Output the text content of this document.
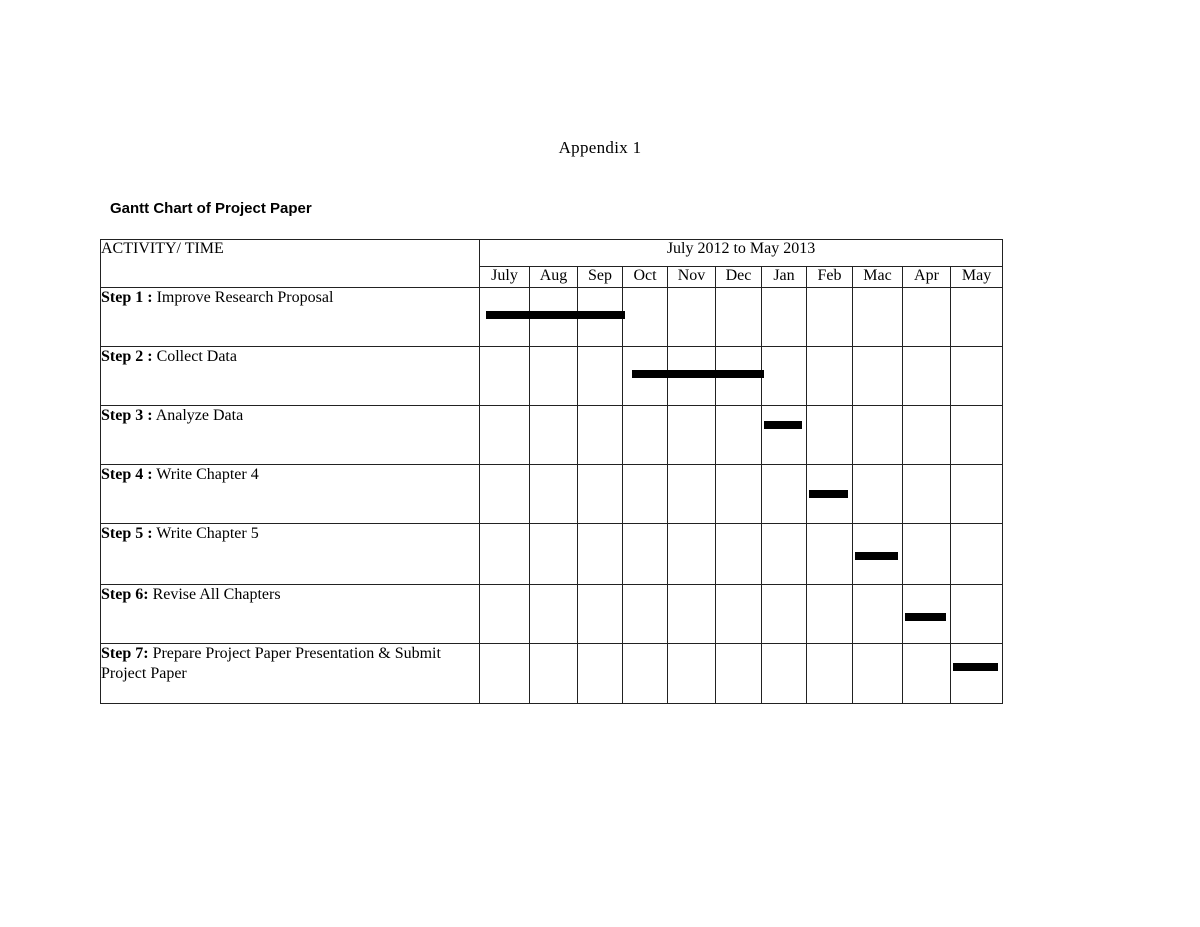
Appendix 1
Gantt Chart of Project Paper
ACTIVITY/ TIME	July 2012 to May 2013										
	July	Aug	Sep	Oct	Nov	Dec	Jan	Feb	Mac	Apr	May
Step 1 : Improve Research Proposal	

Step 2 : Collect Data				

Step 3 : Analyze Data							

Step 4 : Write Chapter 4								

Step 5 : Write Chapter 5									

Step 6: Revise All Chapters										

Step 7: Prepare Project Paper Presentation & Submit Project Paper											
